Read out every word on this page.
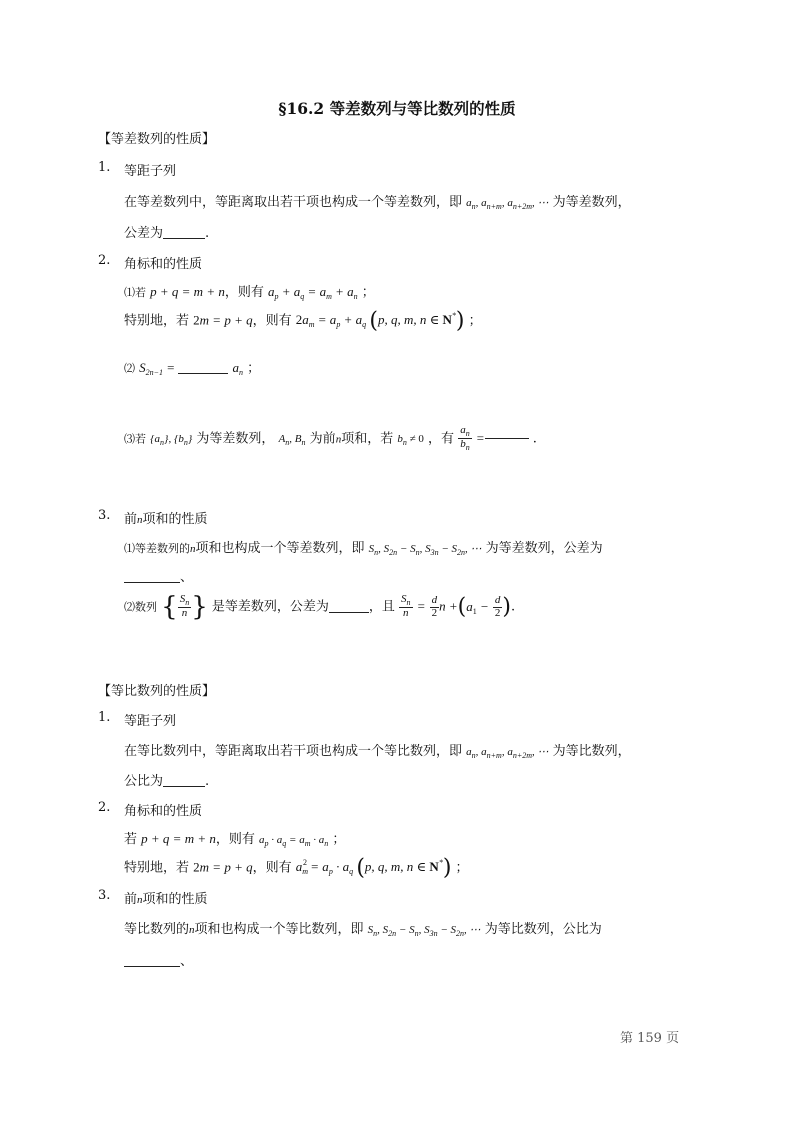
§16.2 等差数列与等比数列的性质
【等差数列的性质】
1. 等距子列
在等差数列中，等距离取出若干项也构成一个等差数列，即 $a_n$, $a_{n+m}$, $a_{n+2m}$, ⋯ 为等差数列，
公差为	.
2. 角标和的性质
⑴若 p + q = m + n，则有 $a_p + a_q = a_m + a_n$ ；
特别地，若 2m = p + q，则有 $2a_m = a_p + a_q$ (p, q, m, n ∈ N*) ；
⑵ $S_{2n-1}$ =	$a_n$ ；
⑶若 $\{a_n\}$, $\{b_n\}$ 为等差数列， $A_n$, $B_n$ 为前n项和，若 $b_n \ne 0$ ，有 $\frac{a_n}{b_n}$ =	.
3. 前n项和的性质
⑴等差数列的n项和也构成一个等差数列，即 $S_n$, $S_{2n} - S_n$, $S_{3n} - S_{2n}$, ⋯ 为等差数列，公差为
、
⑵数列 { $\frac{S_n}{n}$ } 是等差数列，公差为	，且 $\frac{S_n}{n} = \frac{d}{2}$ $n +(a_1 - \frac{d}{2}$ ).
【等比数列的性质】
1. 等距子列
在等比数列中，等距离取出若干项也构成一个等比数列，即 $a_n$, $a_{n+m}$, $a_{n+2m}$, ⋯ 为等比数列，
公比为	.
2. 角标和的性质
若 p + q = m + n，则有 $a_p \cdot a_q = a_m \cdot a_n$ ；
特别地，若 2m = p + q，则有 $a_m^2 = a_p \cdot a_q$ (p, q, m, n ∈ N*) ；
3. 前n项和的性质
等比数列的n项和也构成一个等比数列，即 $S_n$, $S_{2n} - S_n$, $S_{3n} - S_{2n}$, ⋯ 为等比数列，公比为
、
第 159 页
